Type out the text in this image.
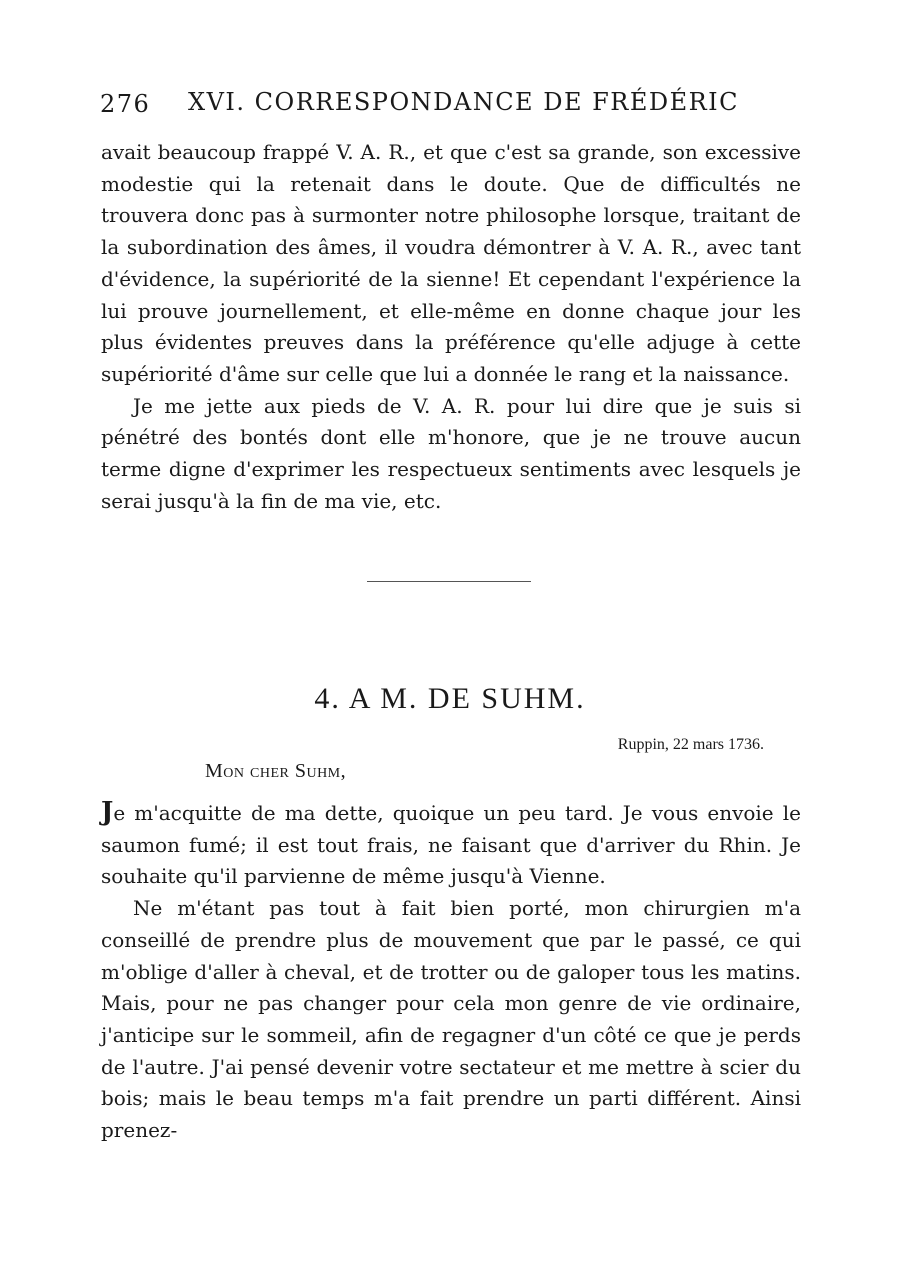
276 XVI. CORRESPONDANCE DE FRÉDÉRIC

avait beaucoup frappé V. A. R., et que c'est sa grande, son excessive modestie qui la retenait dans le doute. Que de difficultés ne trouvera donc pas à surmonter notre philosophe lorsque, traitant de la subordination des âmes, il voudra démontrer à V. A. R., avec tant d'évidence, la supériorité de la sienne! Et cependant l'expérience la lui prouve journellement, et elle-même en donne chaque jour les plus évidentes preuves dans la préférence qu'elle adjuge à cette supériorité d'âme sur celle que lui a donnée le rang et la naissance.

Je me jette aux pieds de V. A. R. pour lui dire que je suis si pénétré des bontés dont elle m'honore, que je ne trouve aucun terme digne d'exprimer les respectueux sentiments avec lesquels je serai jusqu'à la fin de ma vie, etc.

4. A M. DE SUHM.
Ruppin, 22 mars 1736.
Mon cher Suhm,

Je m'acquitte de ma dette, quoique un peu tard. Je vous envoie le saumon fumé; il est tout frais, ne faisant que d'arriver du Rhin. Je souhaite qu'il parvienne de même jusqu'à Vienne.

Ne m'étant pas tout à fait bien porté, mon chirurgien m'a conseillé de prendre plus de mouvement que par le passé, ce qui m'oblige d'aller à cheval, et de trotter ou de galoper tous les matins. Mais, pour ne pas changer pour cela mon genre de vie ordinaire, j'anticipe sur le sommeil, afin de regagner d'un côté ce que je perds de l'autre. J'ai pensé devenir votre sectateur et me mettre à scier du bois; mais le beau temps m'a fait prendre un parti différent. Ainsi prenez-
